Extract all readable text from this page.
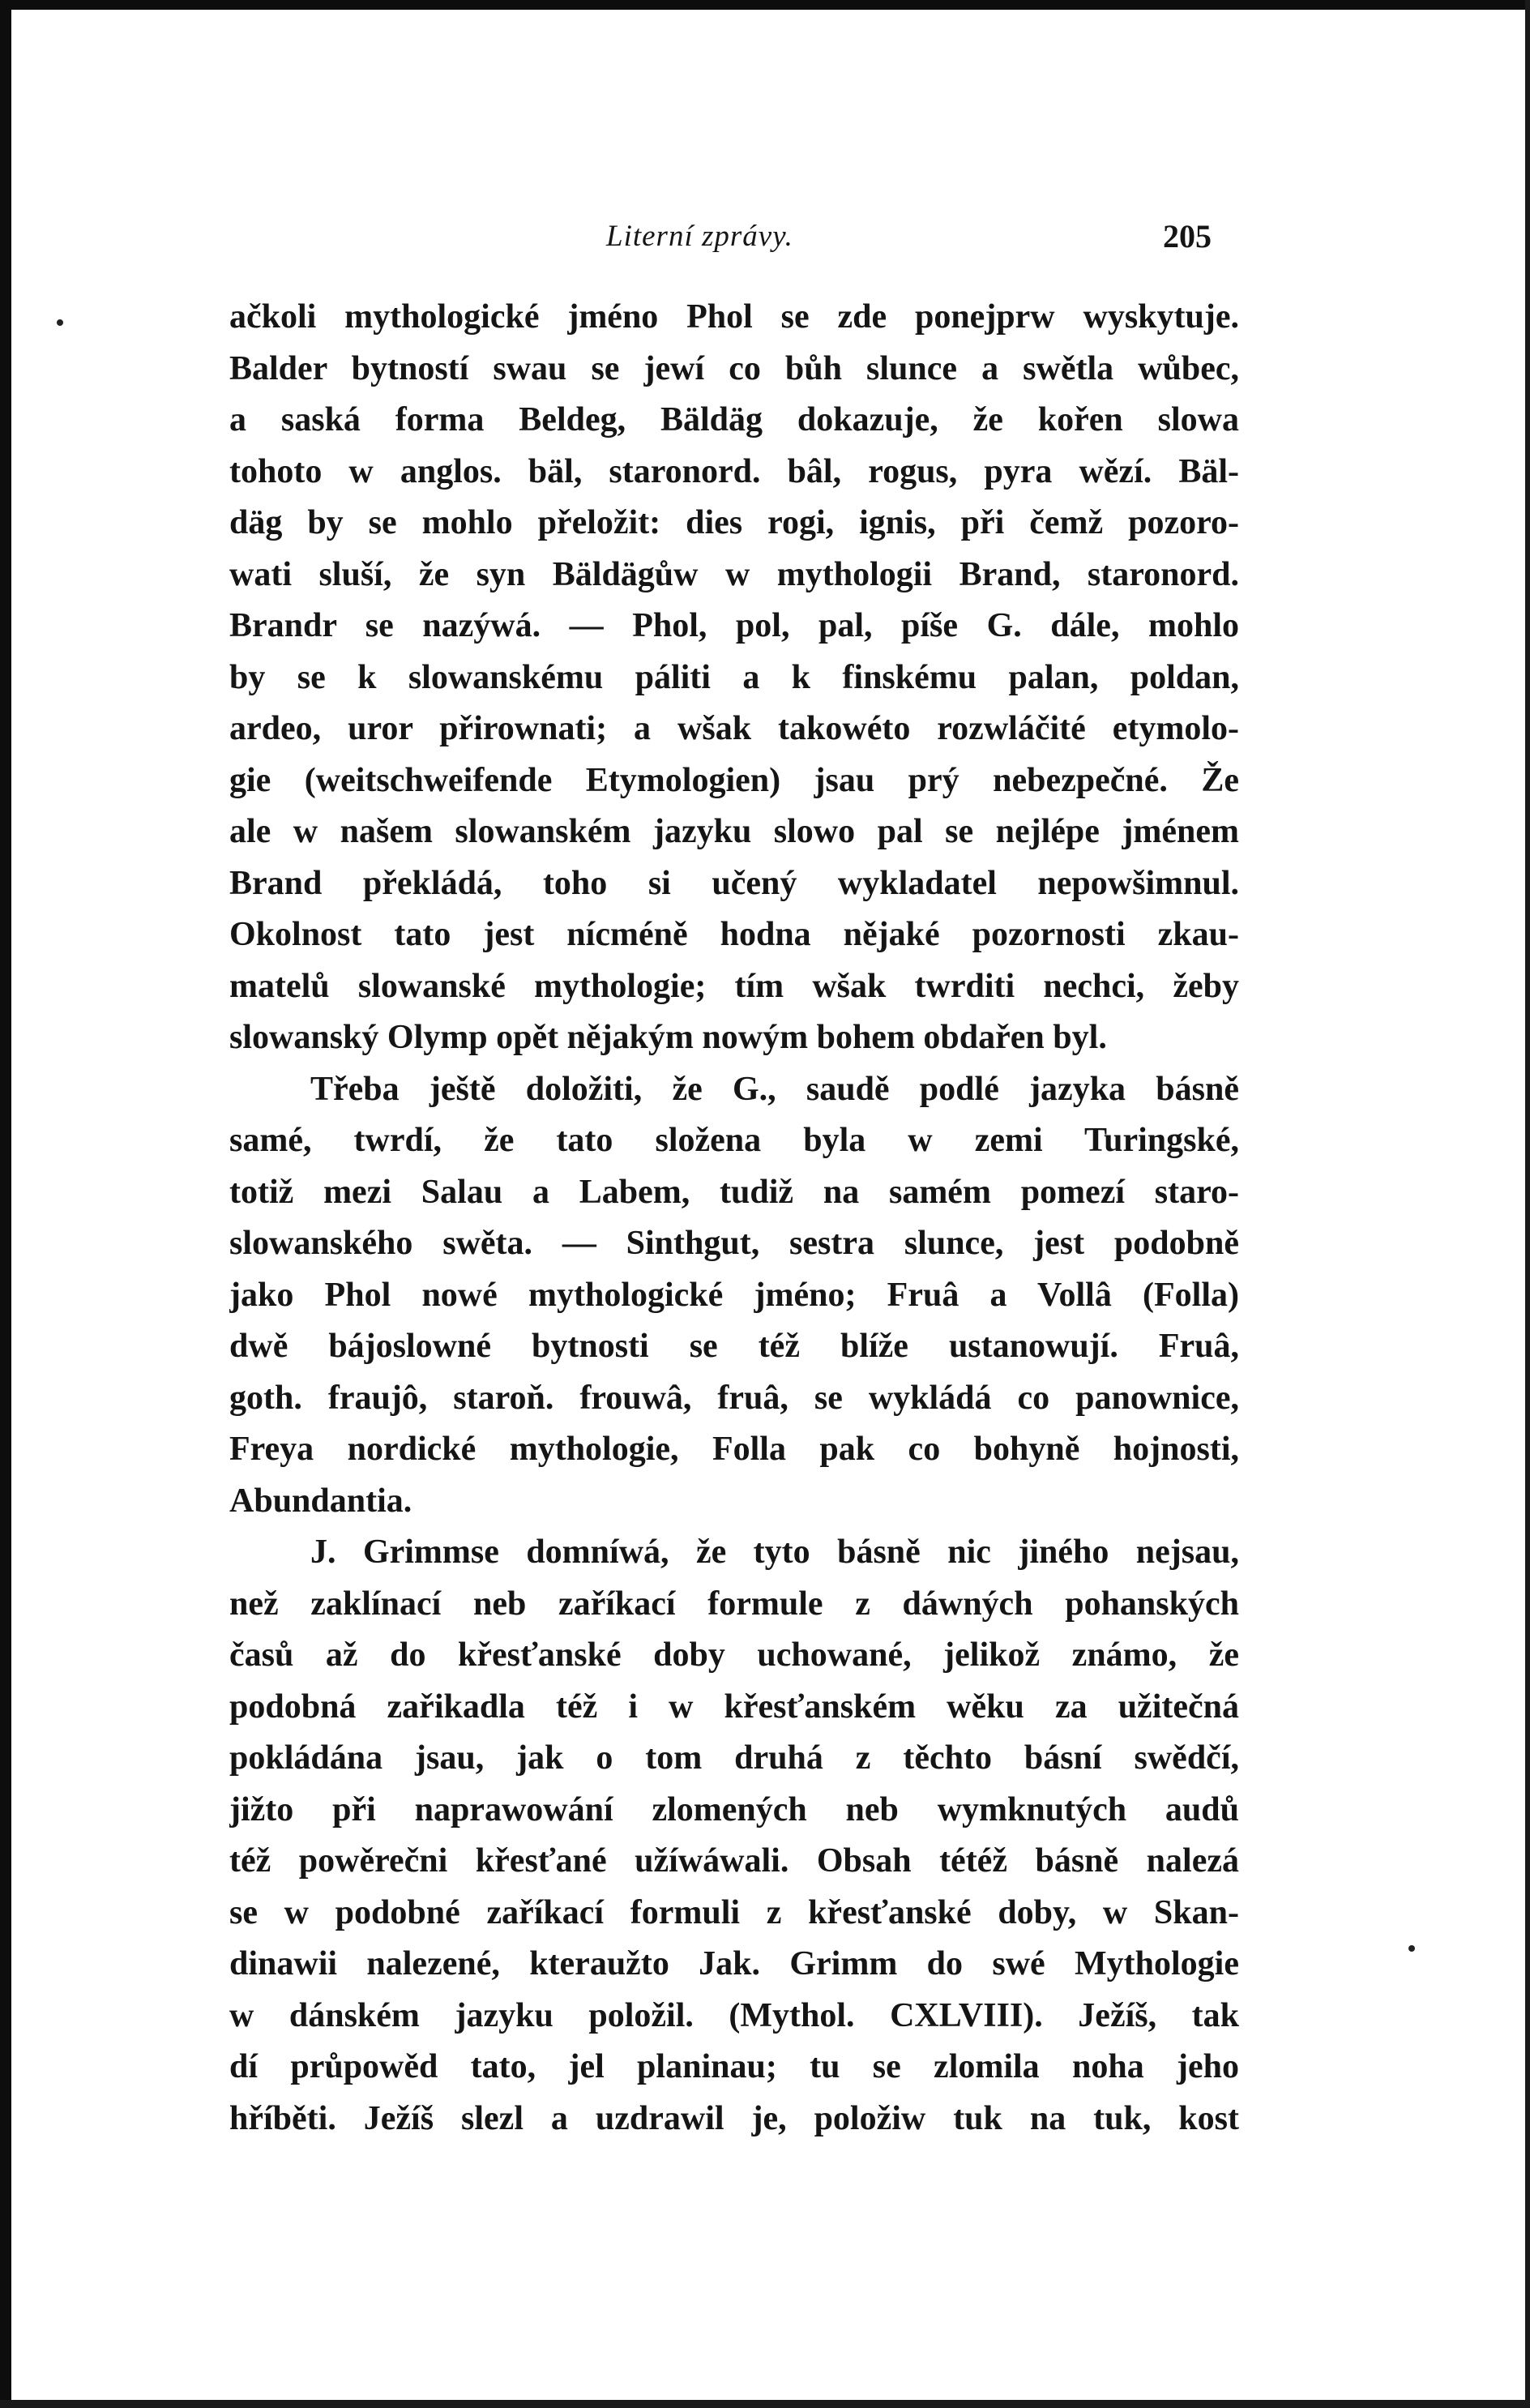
Literní zprávy.	205
ačkoli mythologické jméno Phol se zde ponejprw wyskytuje.
Balder bytností swau se jewí co bůh slunce a swětla wůbec,
a saská forma Beldeg, Bäldäg dokazuje, že kořen slowa
tohoto w anglos. bäl, staronord. bâl, rogus, pyra wězí. Bäl-
däg by se mohlo přeložit: dies rogi, ignis, při čemž pozoro-
wati sluší, že syn Bäldägůw w mythologii Brand, staronord.
Brandr se nazýwá. — Phol, pol, pal, píše G. dále, mohlo
by se k slowanskému páliti a k finskému palan, poldan,
ardeo, uror přirownati; a wšak takowéto rozwláčité etymolo-
gie (weitschweifende Etymologien) jsau prý nebezpečné. Že
ale w našem slowanském jazyku slowo pal se nejlépe jménem
Brand překládá, toho si učený wykladatel nepowšimnul.
Okolnost tato jest nícméně hodna nějaké pozornosti zkau-
matelů slowanské mythologie; tím wšak twrditi nechci, žeby
slowanský Olymp opět nějakým nowým bohem obdařen byl.
Třeba ještě doložiti, že G., saudě podlé jazyka básně
samé, twrdí, že tato složena byla w zemi Turingské,
totiž mezi Salau a Labem, tudiž na samém pomezí staro-
slowanského swěta. — Sinthgut, sestra slunce, jest podobně
jako Phol nowé mythologické jméno; Fruâ a Vollâ (Folla)
dwě bájoslowné bytnosti se též blíže ustanowují. Fruâ,
goth. fraujô, staroň. frouwâ, fruâ, se wykládá co panownice,
Freya nordické mythologie, Folla pak co bohyně hojnosti,
Abundantia.
J. Grimmse domníwá, že tyto básně nic jiného nejsau,
než zaklínací neb zaříkací formule z dáwných pohanských
časů až do křesťanské doby uchowané, jelikož známo, že
podobná zařikadla též i w křesťanském wěku za užitečná
pokládána jsau, jak o tom druhá z těchto básní swědčí,
jižto při naprawowání zlomených neb wymknutých audů
též powěrečni křesťané užíwáwali. Obsah tétéž básně nalezá
se w podobné zaříkací formuli z křesťanské doby, w Skan-
dinawii nalezené, kteraužto Jak. Grimm do swé Mythologie
w dánském jazyku položil. (Mythol. CXLVIII). Ježíš, tak
dí průpowěd tato, jel planinau; tu se zlomila noha jeho
hříběti. Ježíš slezl a uzdrawil je, položiw tuk na tuk, kost
